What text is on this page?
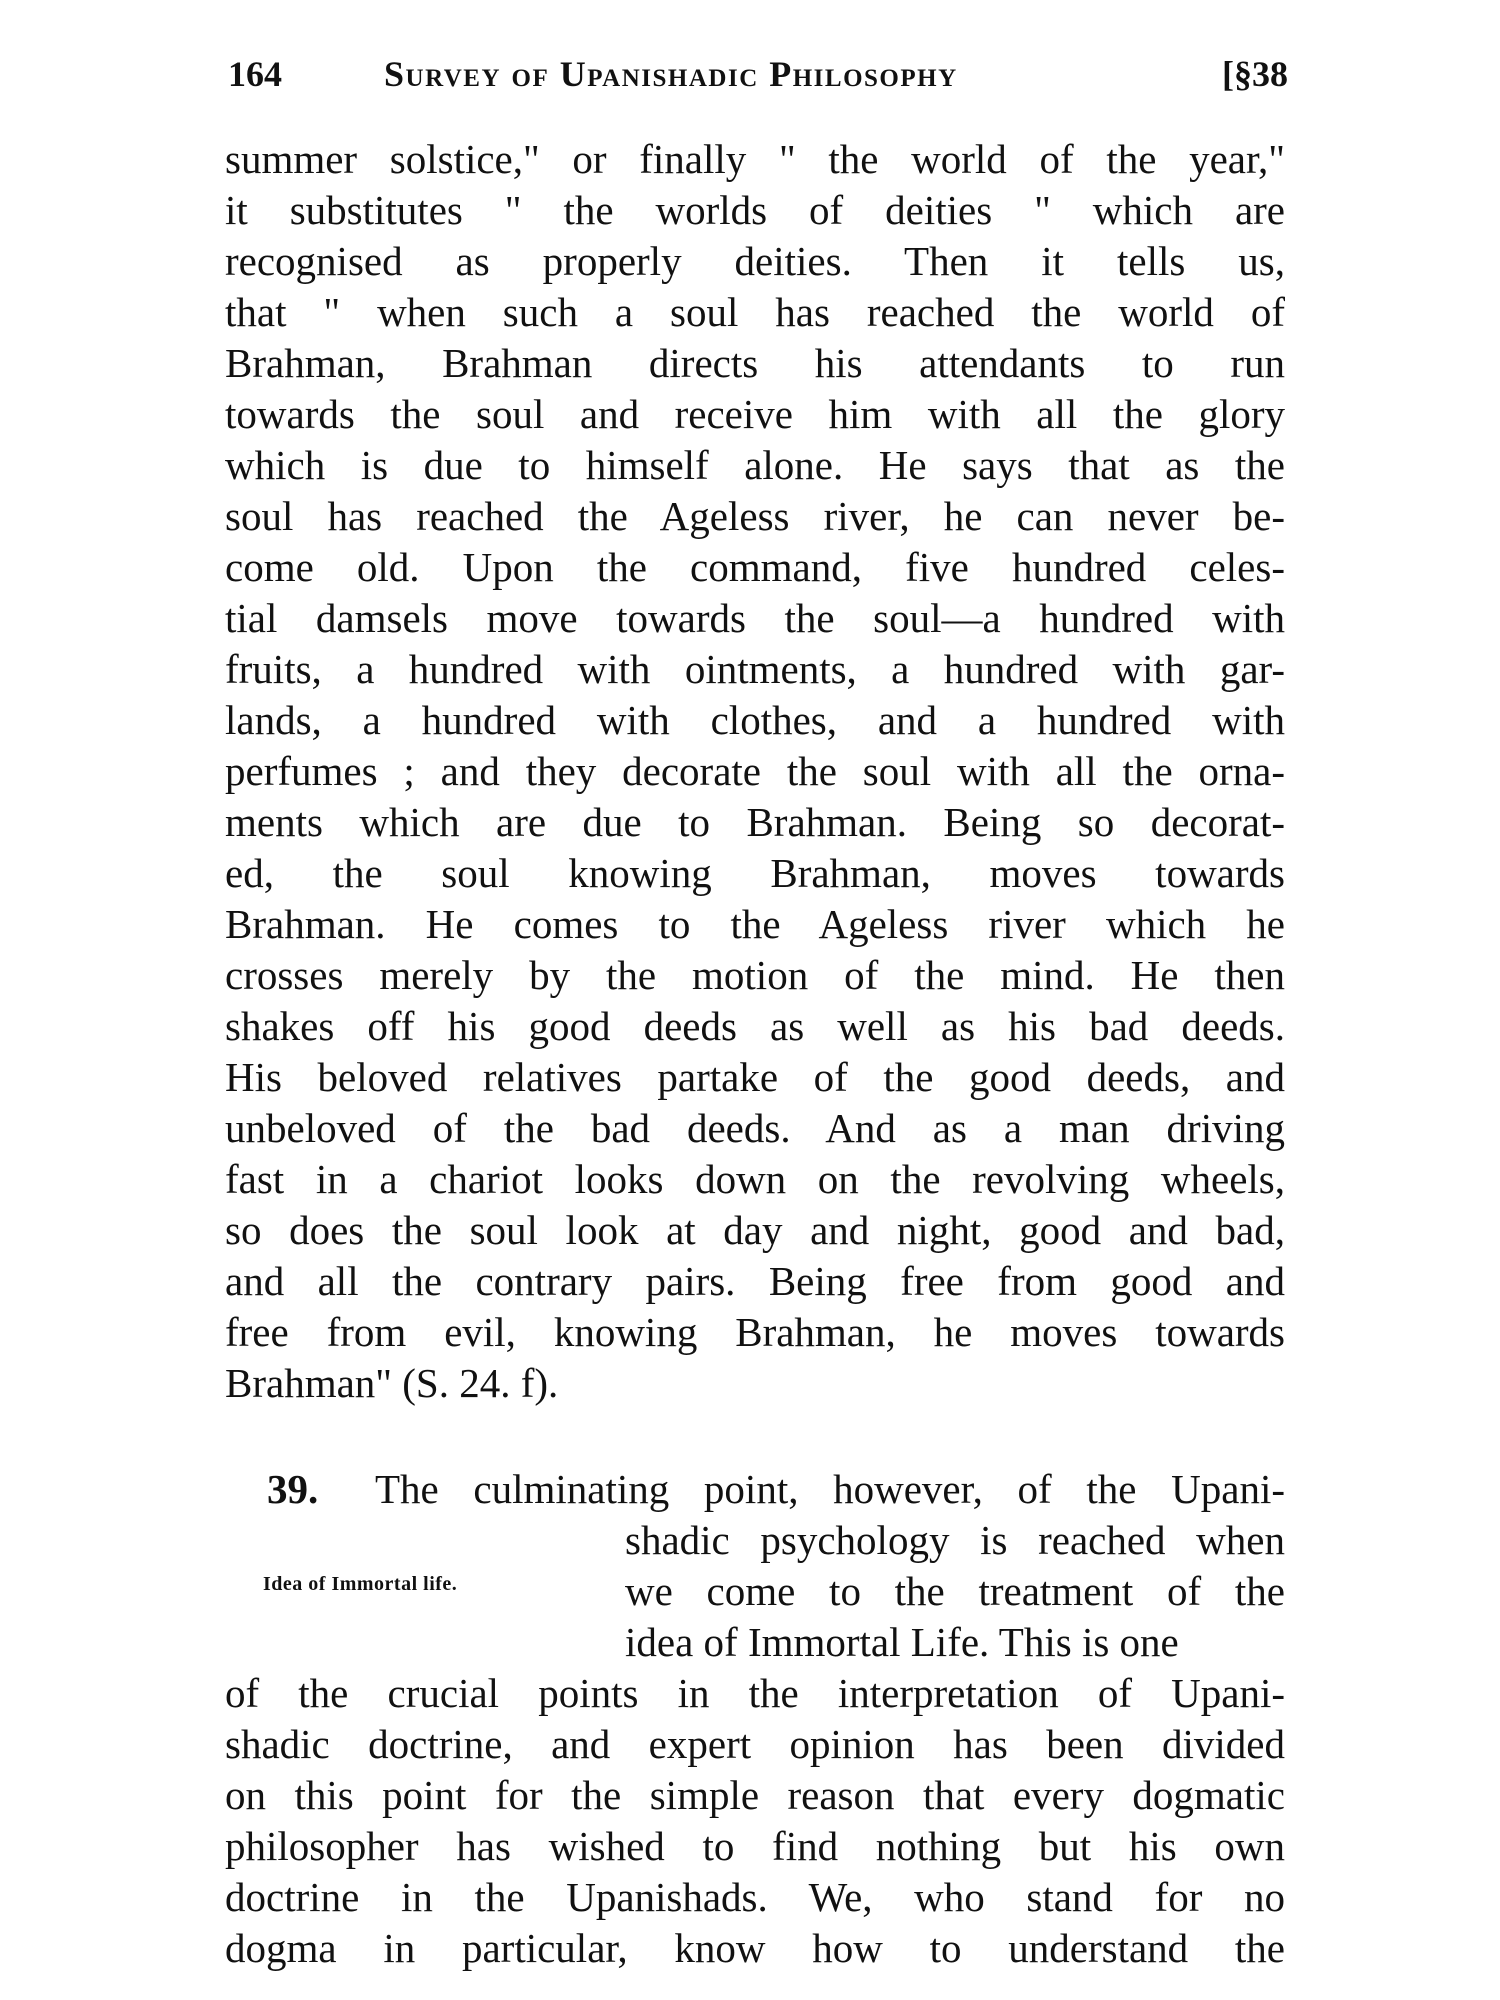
164	Survey of Upanishadic Philosophy	[§38
summer solstice," or finally " the world of the year,"
it substitutes " the worlds of deities " which are
recognised as properly deities. Then it tells us,
that " when such a soul has reached the world of
Brahman, Brahman directs his attendants to run
towards the soul and receive him with all the glory
which is due to himself alone. He says that as the
soul has reached the Ageless river, he can never be-
come old. Upon the command, five hundred celes-
tial damsels move towards the soul—a hundred with
fruits, a hundred with ointments, a hundred with gar-
lands, a hundred with clothes, and a hundred with
perfumes ; and they decorate the soul with all the orna-
ments which are due to Brahman. Being so decorat-
ed, the soul knowing Brahman, moves towards
Brahman. He comes to the Ageless river which he
crosses merely by the motion of the mind. He then
shakes off his good deeds as well as his bad deeds.
His beloved relatives partake of the good deeds, and
unbeloved of the bad deeds. And as a man driving
fast in a chariot looks down on the revolving wheels,
so does the soul look at day and night, good and bad,
and all the contrary pairs. Being free from good and
free from evil, knowing Brahman, he moves towards
Brahman" (S. 24. f).
39.	The culminating point, however, of the Upani-
shadic psychology is reached when
we come to the treatment of the
idea of Immortal Life. This is one
Idea of Immortal life.
of the crucial points in the interpretation of Upani-
shadic doctrine, and expert opinion has been divided
on this point for the simple reason that every dogmatic
philosopher has wished to find nothing but his own
doctrine in the Upanishads. We, who stand for no
dogma in particular, know how to understand the
